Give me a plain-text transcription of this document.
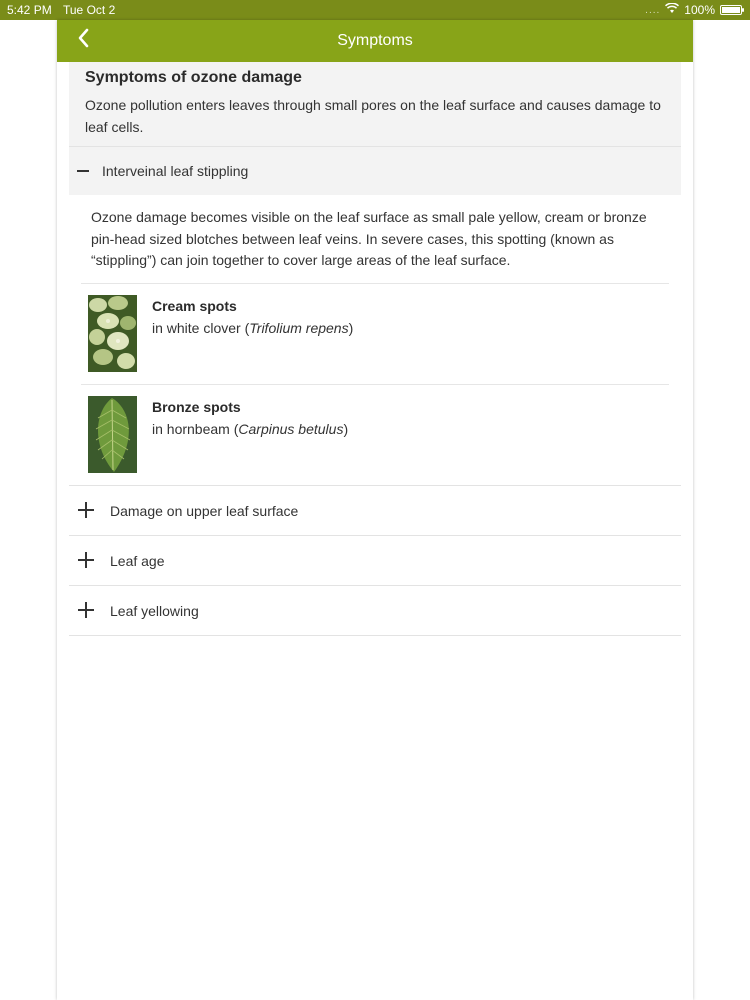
5:42 PM Tue Oct 2	.... 100%
Symptoms
Symptoms of ozone damage
Ozone pollution enters leaves through small pores on the leaf surface and causes damage to leaf cells.
Interveinal leaf stippling
Ozone damage becomes visible on the leaf surface as small pale yellow, cream or bronze pin-head sized blotches between leaf veins. In severe cases, this spotting (known as “stippling”) can join together to cover large areas of the leaf surface.
Cream spots
in white clover (Trifolium repens)
Bronze spots
in hornbeam (Carpinus betulus)
Damage on upper leaf surface
Leaf age
Leaf yellowing
